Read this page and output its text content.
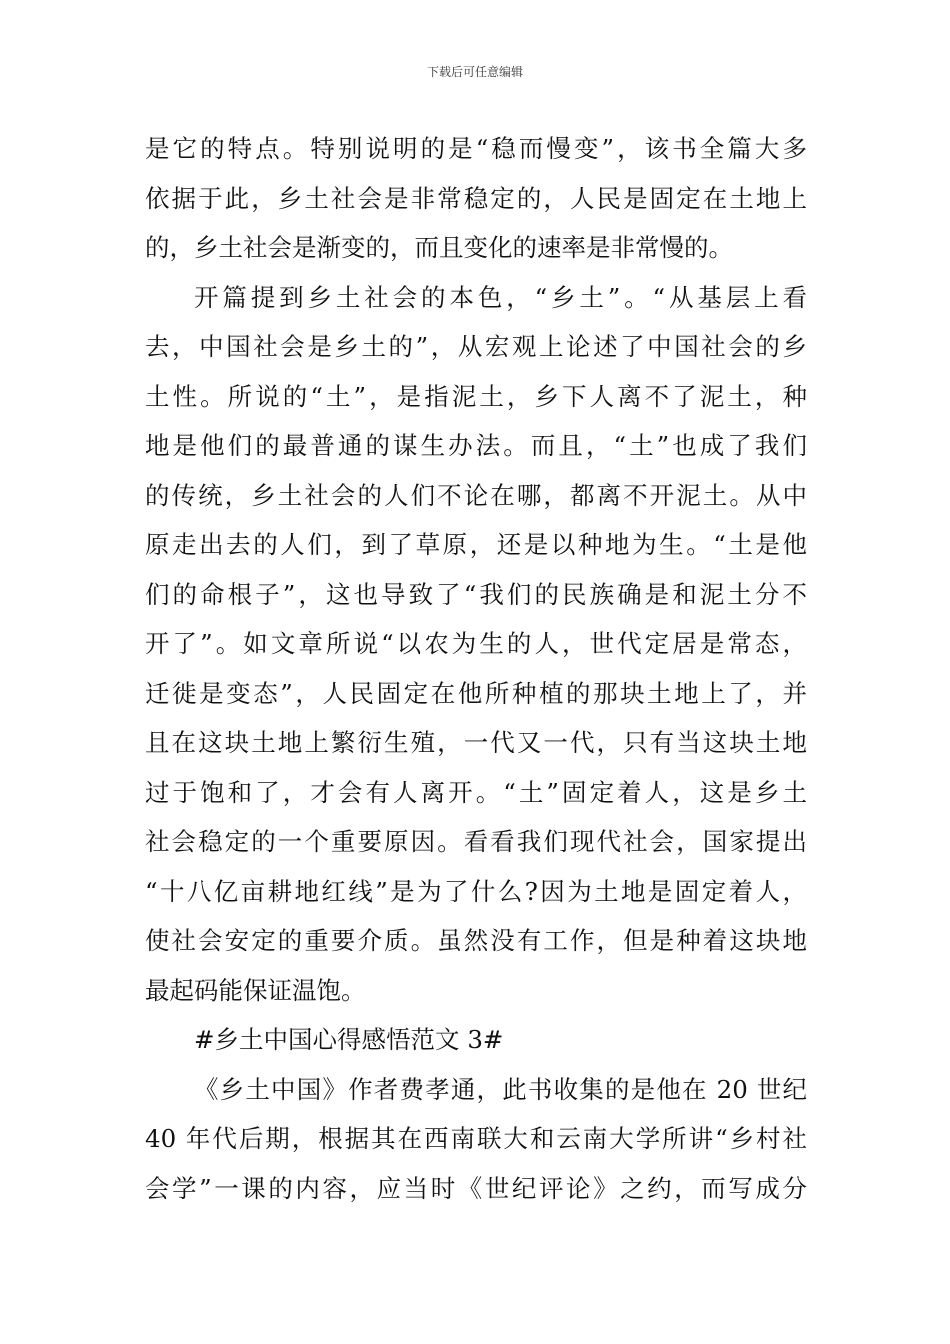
下载后可任意编辑
是它的特点。特别说明的是“稳而慢变”，该书全篇大多
依据于此，乡土社会是非常稳定的，人民是固定在土地上
的，乡土社会是渐变的，而且变化的速率是非常慢的。
开篇提到乡土社会的本色，“乡土”。“从基层上看
去，中国社会是乡土的”，从宏观上论述了中国社会的乡
土性。所说的“土”，是指泥土，乡下人离不了泥土，种
地是他们的最普通的谋生办法。而且，“土”也成了我们
的传统，乡土社会的人们不论在哪，都离不开泥土。从中
原走出去的人们，到了草原，还是以种地为生。“土是他
们的命根子”，这也导致了“我们的民族确是和泥土分不
开了”。如文章所说“以农为生的人，世代定居是常态，
迁徙是变态”，人民固定在他所种植的那块土地上了，并
且在这块土地上繁衍生殖，一代又一代，只有当这块土地
过于饱和了，才会有人离开。“土”固定着人，这是乡土
社会稳定的一个重要原因。看看我们现代社会，国家提出
“十八亿亩耕地红线”是为了什么?因为土地是固定着人，
使社会安定的重要介质。虽然没有工作，但是种着这块地
最起码能保证温饱。
#乡土中国心得感悟范文 3#
《乡土中国》作者费孝通，此书收集的是他在 20 世纪
40 年代后期，根据其在西南联大和云南大学所讲“乡村社
会学”一课的内容，应当时《世纪评论》之约，而写成分
